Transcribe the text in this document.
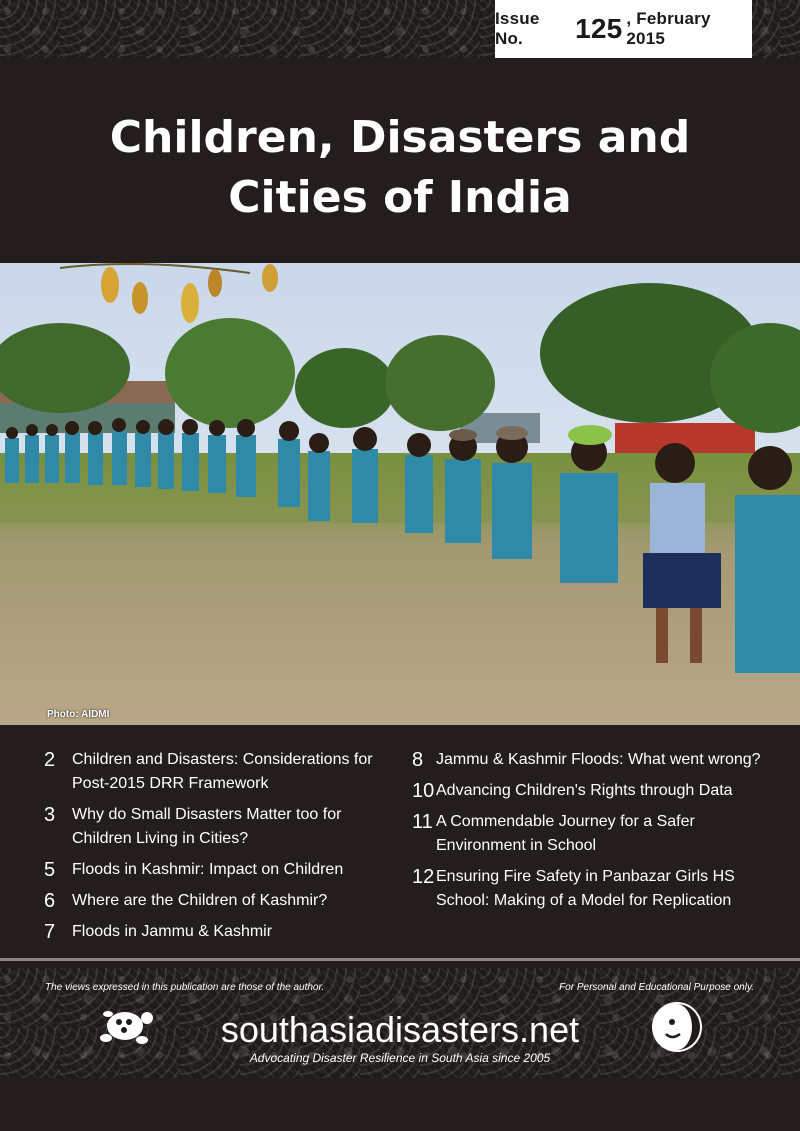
Issue No.	125 , February 2015
Children, Disasters and
Cities of India
Photo: AIDMI
2	Children and Disasters: Considerations for Post-2015 DRR Framework
3	Why do Small Disasters Matter too for Children Living in Cities?
5	Floods in Kashmir: Impact on Children
6	Where are the Children of Kashmir?
7	Floods in Jammu & Kashmir
8 Jammu & Kashmir Floods: What went wrong?
10 Advancing Children's Rights through Data
11 A Commendable Journey for a Safer Environment in School
12 Ensuring Fire Safety in Panbazar Girls HS School: Making of a Model for Replication
The views expressed in this publication are those of the author.	For Personal and Educational Purpose only.
southasiadisasters.net
Advocating Disaster Resilience in South Asia since 2005
